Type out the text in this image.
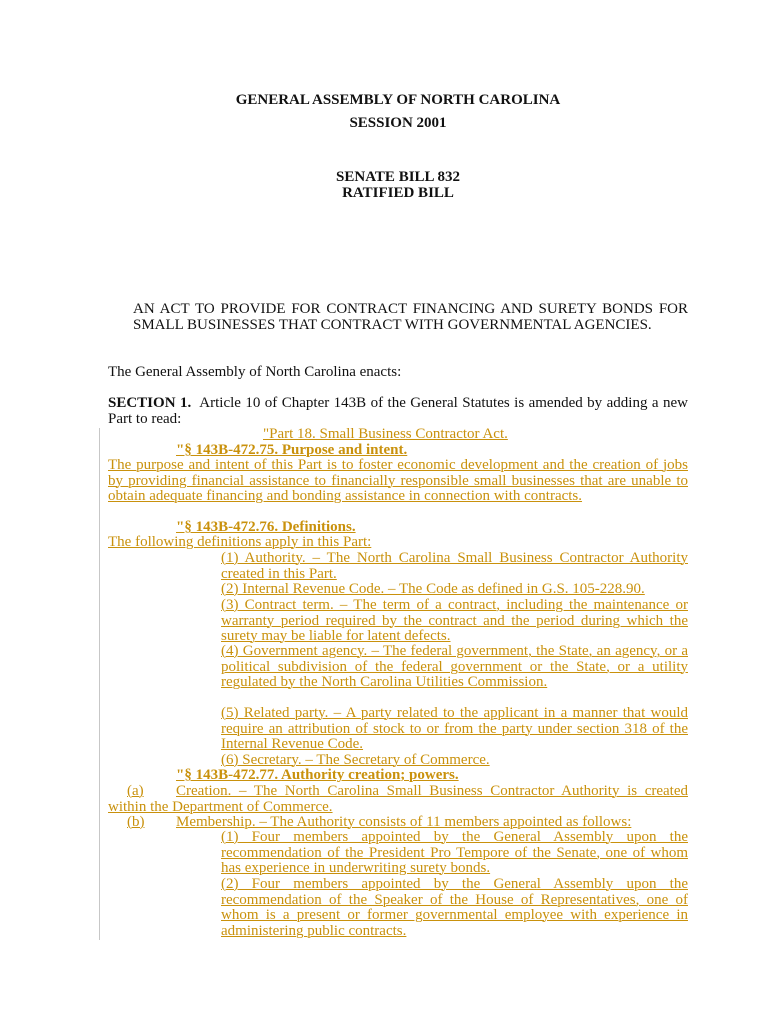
GENERAL ASSEMBLY OF NORTH CAROLINA
SESSION 2001
SENATE BILL 832
RATIFIED BILL
AN ACT TO PROVIDE FOR CONTRACT FINANCING AND SURETY BONDS FOR SMALL BUSINESSES THAT CONTRACT WITH GOVERNMENTAL AGENCIES.
The General Assembly of North Carolina enacts:
SECTION 1. Article 10 of Chapter 143B of the General Statutes is amended by adding a new Part to read:
"Part 18. Small Business Contractor Act.
"§ 143B-472.75. Purpose and intent.
The purpose and intent of this Part is to foster economic development and the creation of jobs by providing financial assistance to financially responsible small businesses that are unable to obtain adequate financing and bonding assistance in connection with contracts.
"§ 143B-472.76. Definitions.
The following definitions apply in this Part:
(1) Authority. – The North Carolina Small Business Contractor Authority created in this Part.
(2) Internal Revenue Code. – The Code as defined in G.S. 105-228.90.
(3) Contract term. – The term of a contract, including the maintenance or warranty period required by the contract and the period during which the surety may be liable for latent defects.
(4) Government agency. – The federal government, the State, an agency, or a political subdivision of the federal government or the State, or a utility regulated by the North Carolina Utilities Commission.
(5) Related party. – A party related to the applicant in a manner that would require an attribution of stock to or from the party under section 318 of the Internal Revenue Code.
(6) Secretary. – The Secretary of Commerce.
"§ 143B-472.77. Authority creation; powers.
(a)	Creation. – The North Carolina Small Business Contractor Authority is created within the Department of Commerce.
(b) Membership. – The Authority consists of 11 members appointed as follows:
(1) Four members appointed by the General Assembly upon the recommendation of the President Pro Tempore of the Senate, one of whom has experience in underwriting surety bonds.
(2) Four members appointed by the General Assembly upon the recommendation of the Speaker of the House of Representatives, one of whom is a present or former governmental employee with experience in administering public contracts.
